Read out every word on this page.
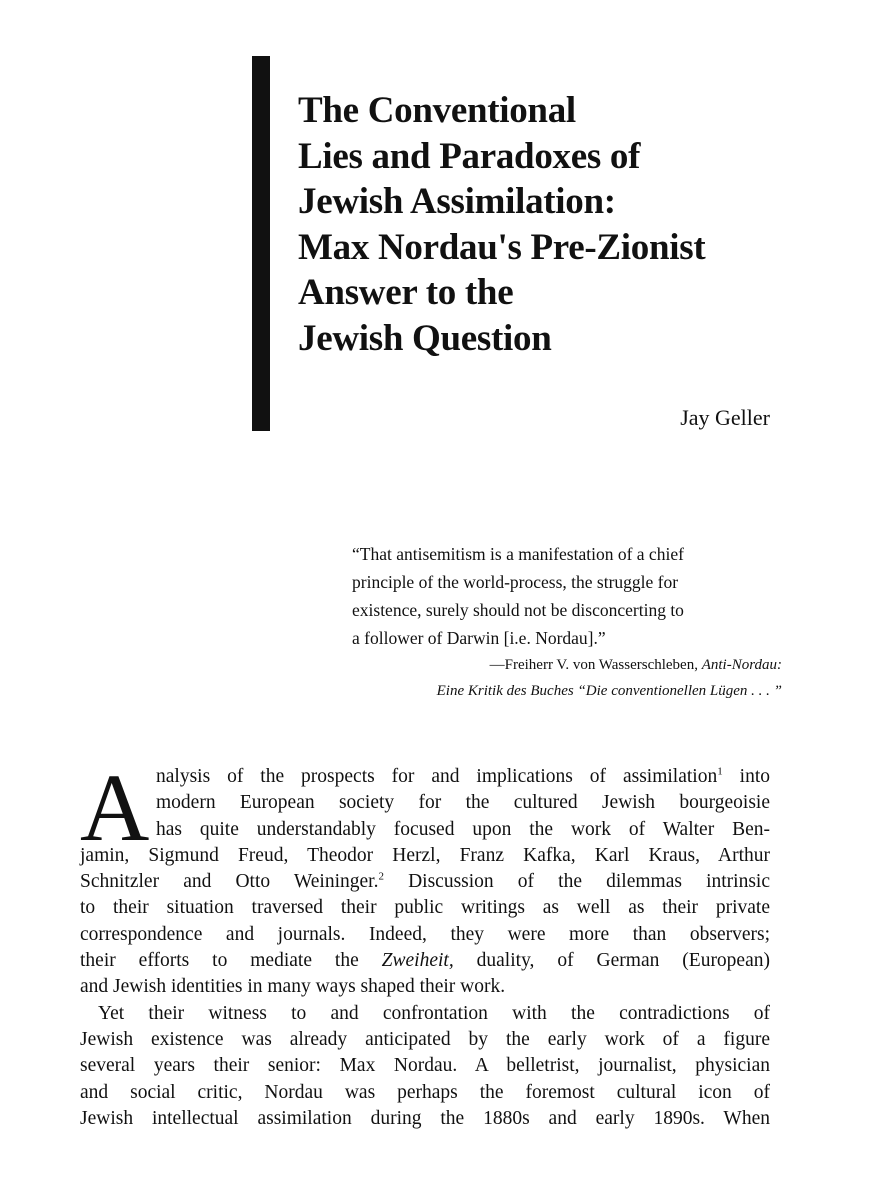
The Conventional
Lies and Paradoxes of
Jewish Assimilation:
Max Nordau's Pre-Zionist
Answer to the
Jewish Question
Jay Geller
“That antisemitism is a manifestation of a chief
principle of the world-process, the struggle for
existence, surely should not be disconcerting to
a follower of Darwin [i.e. Nordau].”
—Freiherr V. von Wasserschleben, Anti-Nordau:
Eine Kritik des Buches “Die conventionellen Lügen . . . ”
A nalysis of the prospects for and implications of assimilation$^1$ into
modern European society for the cultured Jewish bourgeoisie
has quite understandably focused upon the work of Walter Ben-
jamin, Sigmund Freud, Theodor Herzl, Franz Kafka, Karl Kraus, Arthur
Schnitzler and Otto Weininger.$^2$ Discussion of the dilemmas intrinsic
to their situation traversed their public writings as well as their private
correspondence and journals. Indeed, they were more than observers;
their efforts to mediate the Zweiheit, duality, of German (European)
and Jewish identities in many ways shaped their work.
Yet their witness to and confrontation with the contradictions of
Jewish existence was already anticipated by the early work of a figure
several years their senior: Max Nordau. A belletrist, journalist, physician
and social critic, Nordau was perhaps the foremost cultural icon of
Jewish intellectual assimilation during the 1880s and early 1890s. When
